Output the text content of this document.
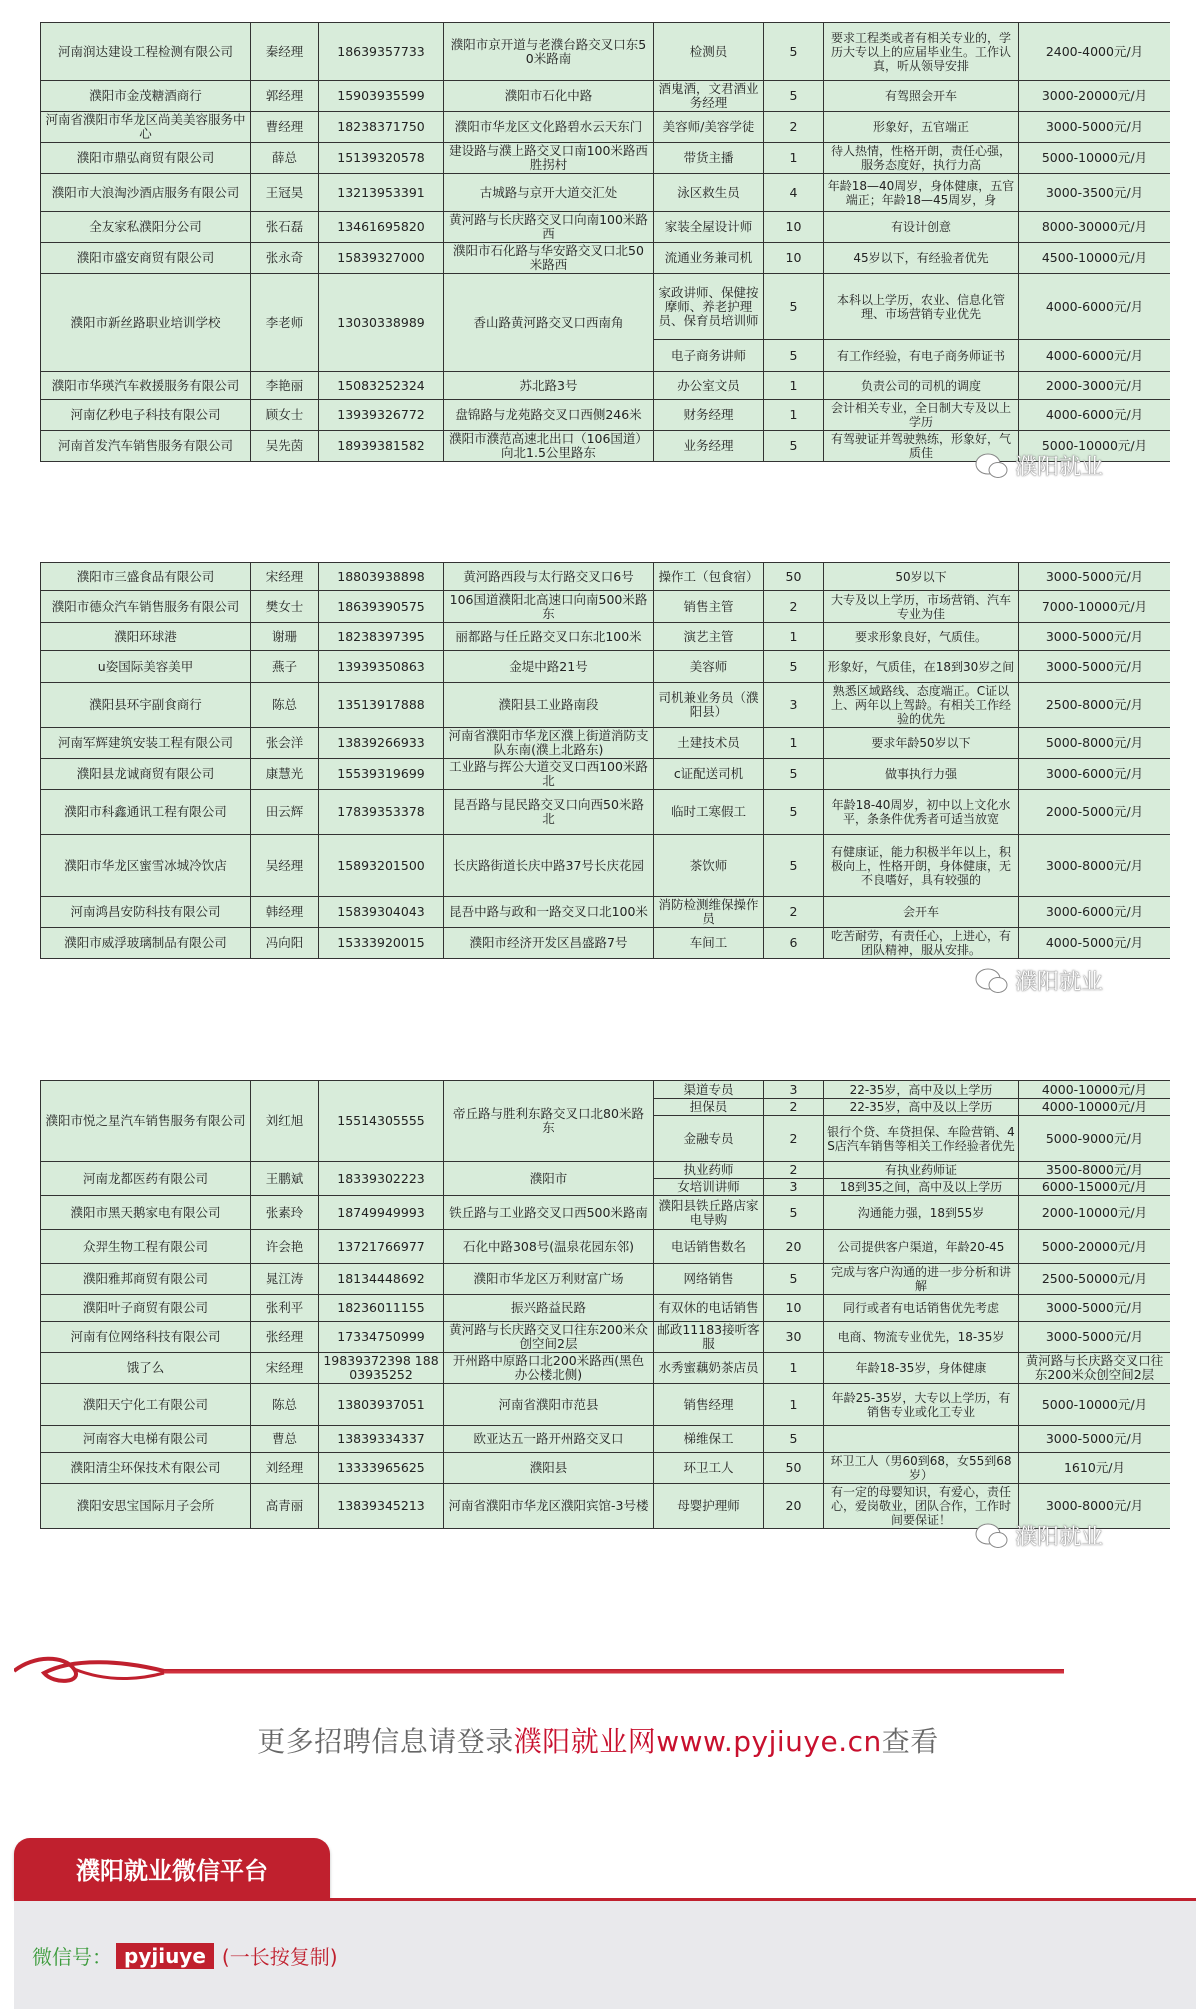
河南润达建设工程检测有限公司	秦经理	18639357733	濮阳市京开道与老濮台路交叉口东50米路南	检测员	5	要求工程类或者有相关专业的，学历大专以上的应届毕业生。工作认真，听从领导安排	2400-4000元/月
濮阳市金茂糖酒商行	郭经理	15903935599	濮阳市石化中路	酒鬼酒，文君酒业务经理	5	有驾照会开车	3000-20000元/月
河南省濮阳市华龙区尚美美容服务中心	曹经理	18238371750	濮阳市华龙区文化路碧水云天东门	美容师/美容学徒	2	形象好，五官端正	3000-5000元/月
濮阳市鼎弘商贸有限公司	薛总	15139320578	建设路与濮上路交叉口南100米路西胜拐村	带货主播	1	待人热情，性格开朗，责任心强，服务态度好，执行力高	5000-10000元/月
濮阳市大浪淘沙酒店服务有限公司	王冠昊	13213953391	古城路与京开大道交汇处	泳区救生员	4	年龄18—40周岁，身体健康，五官端正；年龄18—45周岁，身	3000-3500元/月
全友家私濮阳分公司	张石磊	13461695820	黄河路与长庆路交叉口向南100米路西	家装全屋设计师	10	有设计创意	8000-30000元/月
濮阳市盛安商贸有限公司	张永奇	15839327000	濮阳市石化路与华安路交叉口北50米路西	流通业务兼司机	10	45岁以下，有经验者优先	4500-10000元/月
濮阳市新丝路职业培训学校	李老师	13030338989	香山路黄河路交叉口西南角	家政讲师、保健按摩师、养老护理员、保育员培训师	5	本科以上学历，农业、信息化管理、市场营销专业优先	4000-6000元/月
				电子商务讲师	5	有工作经验，有电子商务师证书	4000-6000元/月
濮阳市华瑛汽车救援服务有限公司	李艳丽	15083252324	苏北路3号	办公室文员	1	负责公司的司机的调度	2000-3000元/月
河南亿秒电子科技有限公司	顾女士	13939326772	盘锦路与龙苑路交叉口西侧246米	财务经理	1	会计相关专业，全日制大专及以上学历	4000-6000元/月
河南首发汽车销售服务有限公司	吴先茵	18939381582	濮阳市濮范高速北出口（106国道）向北1.5公里路东	业务经理	5	有驾驶证并驾驶熟练，形象好，气质佳	5000-10000元/月
濮阳市三盛食品有限公司	宋经理	18803938898	黄河路西段与太行路交叉口6号	操作工（包食宿）	50	50岁以下	3000-5000元/月
濮阳市德众汽车销售服务有限公司	樊女士	18639390575	106国道濮阳北高速口向南500米路东	销售主管	2	大专及以上学历，市场营销、汽车专业为佳	7000-10000元/月
濮阳环球港	谢珊	18238397395	丽都路与任丘路交叉口东北100米	演艺主管	1	要求形象良好，气质佳。	3000-5000元/月
u姿国际美容美甲	燕子	13939350863	金堤中路21号	美容师	5	形象好，气质佳，在18到30岁之间	3000-5000元/月
濮阳县环宇副食商行	陈总	13513917888	濮阳县工业路南段	司机兼业务员（濮阳县）	3	熟悉区域路线、态度端正。C证以上、两年以上驾龄。有相关工作经验的优先	2500-8000元/月
河南军辉建筑安装工程有限公司	张会洋	13839266933	河南省濮阳市华龙区濮上街道消防支队东南(濮上北路东)	土建技术员	1	要求年龄50岁以下	5000-8000元/月
濮阳县龙诚商贸有限公司	康慧光	15539319699	工业路与挥公大道交叉口西100米路北	c证配送司机	5	做事执行力强	3000-6000元/月
濮阳市科鑫通讯工程有限公司	田云辉	17839353378	昆吾路与昆民路交叉口向西50米路北	临时工寒假工	5	年龄18-40周岁，初中以上文化水平，条条件优秀者可适当放宽	2000-5000元/月
濮阳市华龙区蜜雪冰城冷饮店	吴经理	15893201500	长庆路街道长庆中路37号长庆花园	茶饮师	5	有健康证，能力积极半年以上，积极向上，性格开朗，身体健康，无不良嗜好，具有较强的	3000-8000元/月
河南鸿昌安防科技有限公司	韩经理	15839304043	昆吾中路与政和一路交叉口北100米	消防检测维保操作员	2	会开车	3000-6000元/月
濮阳市威浮玻璃制品有限公司	冯向阳	15333920015	濮阳市经济开发区昌盛路7号	车间工	6	吃苦耐劳，有责任心，上进心，有团队精神，服从安排。	4000-5000元/月
濮阳市悦之星汽车销售服务有限公司	刘红旭	15514305555	帝丘路与胜利东路交叉口北80米路东	渠道专员	3	22-35岁，高中及以上学历	4000-10000元/月
				担保员	2	22-35岁，高中及以上学历	4000-10000元/月
				金融专员	2	银行个贷、车贷担保、车险营销、4S店汽车销售等相关工作经验者优先	5000-9000元/月
河南龙都医药有限公司	王鹏斌	18339302223	濮阳市	执业药师	2	有执业药师证	3500-8000元/月
				女培训讲师	3	18到35之间，高中及以上学历	6000-15000元/月
濮阳市黑天鹅家电有限公司	张素玲	18749949993	铁丘路与工业路交叉口西500米路南	濮阳县铁丘路店家电导购	5	沟通能力强，18到55岁	2000-10000元/月
众羿生物工程有限公司	许会艳	13721766977	石化中路308号(温泉花园东邻)	电话销售数名	20	公司提供客户渠道，年龄20-45	5000-20000元/月
濮阳雅邦商贸有限公司	晁江涛	18134448692	濮阳市华龙区万利财富广场	网络销售	5	完成与客户沟通的进一步分析和讲解	2500-50000元/月
濮阳叶子商贸有限公司	张利平	18236011155	振兴路益民路	有双休的电话销售	10	同行或者有电话销售优先考虑	3000-5000元/月
河南有位网络科技有限公司	张经理	17334750999	黄河路与长庆路交叉口往东200米众创空间2层	邮政11183接听客服	30	电商、物流专业优先，18-35岁	3000-5000元/月
饿了么	宋经理	19839372398 18803935252	开州路中原路口北200米路西(黑色办公楼北侧)	水秀蜜藕奶茶店员	1	年龄18-35岁，身体健康	黄河路与长庆路交叉口往东200米众创空间2层
濮阳天宁化工有限公司	陈总	13803937051	河南省濮阳市范县	销售经理	1	年龄25-35岁，大专以上学历，有销售专业或化工专业	5000-10000元/月
河南容大电梯有限公司	曹总	13839334337	欧亚达五一路开州路交叉口	梯维保工	5		3000-5000元/月
濮阳清尘环保技术有限公司	刘经理	13333965625	濮阳县	环卫工人	50	环卫工人（男60到68，女55到68岁）	1610元/月
濮阳安思宝国际月子会所	高青丽	13839345213	河南省濮阳市华龙区濮阳宾馆-3号楼	母婴护理师	20	有一定的母婴知识，有爱心，责任心，爱岗敬业，团队合作，工作时间要保证！	3000-8000元/月
濮阳就业
濮阳就业
濮阳就业
更多招聘信息请登录濮阳就业网www.pyjiuye.cn查看
濮阳就业微信平台
微信号： pyjiuye (一长按复制)
